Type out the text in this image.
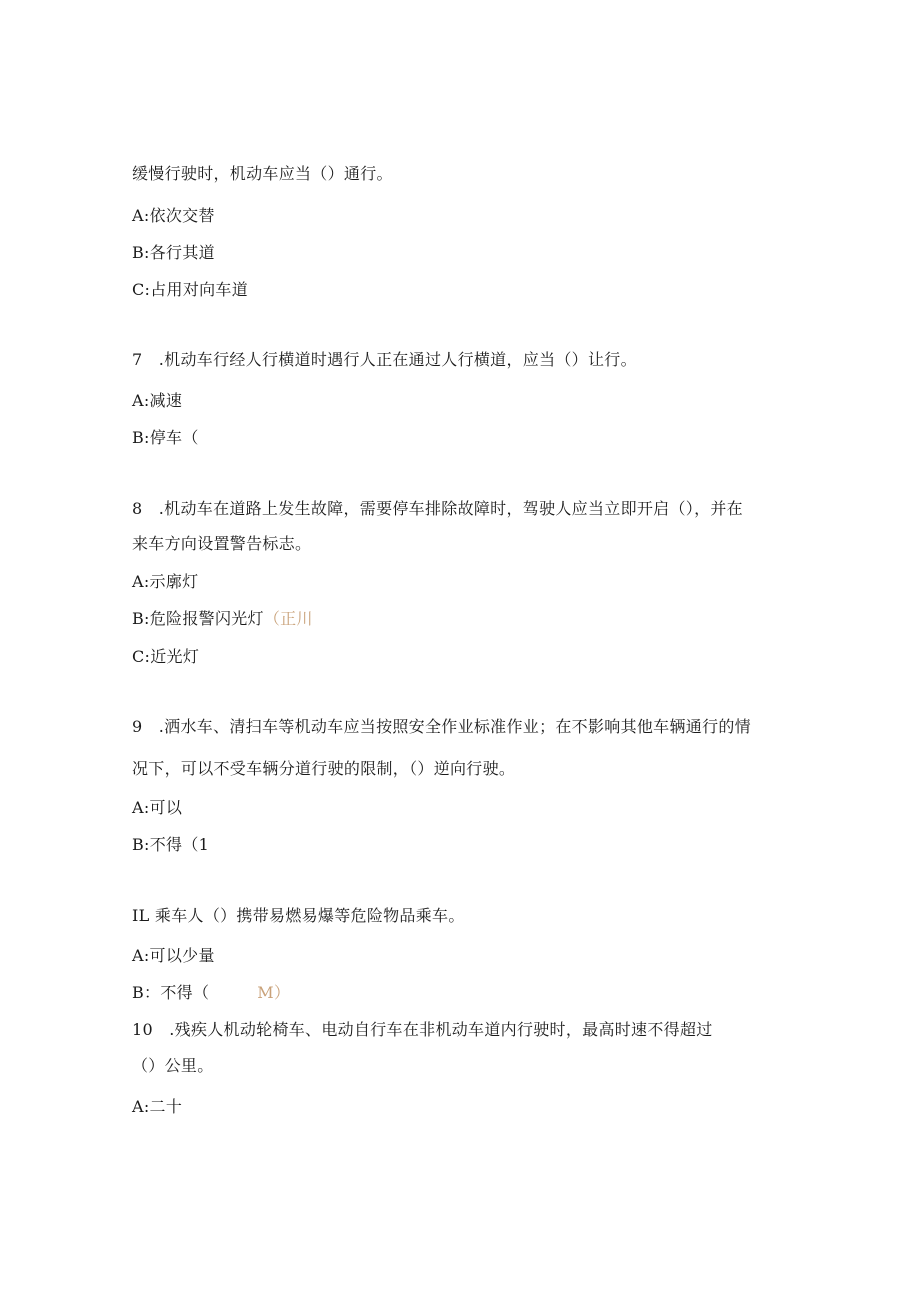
缓慢行驶时，机动车应当（）通行。
A:依次交替
B:各行其道
C:占用对向车道
7　.机动车行经人行横道时遇行人正在通过人行横道，应当（）让行。
A:减速
B:停车（
8　.机动车在道路上发生故障，需要停车排除故障时，驾驶人应当立即开启（），并在
来车方向设置警告标志。
A:示廓灯
B:危险报警闪光灯（正川
C:近光灯
9　.洒水车、清扫车等机动车应当按照安全作业标准作业；在不影响其他车辆通行的情
况下，可以不受车辆分道行驶的限制，（）逆向行驶。
A:可以
B:不得（1
IL 乘车人（）携带易燃易爆等危险物品乘车。
A:可以少量
B：不得（	M）
10　.残疾人机动轮椅车、电动自行车在非机动车道内行驶时，最高时速不得超过
（）公里。
A:二十
